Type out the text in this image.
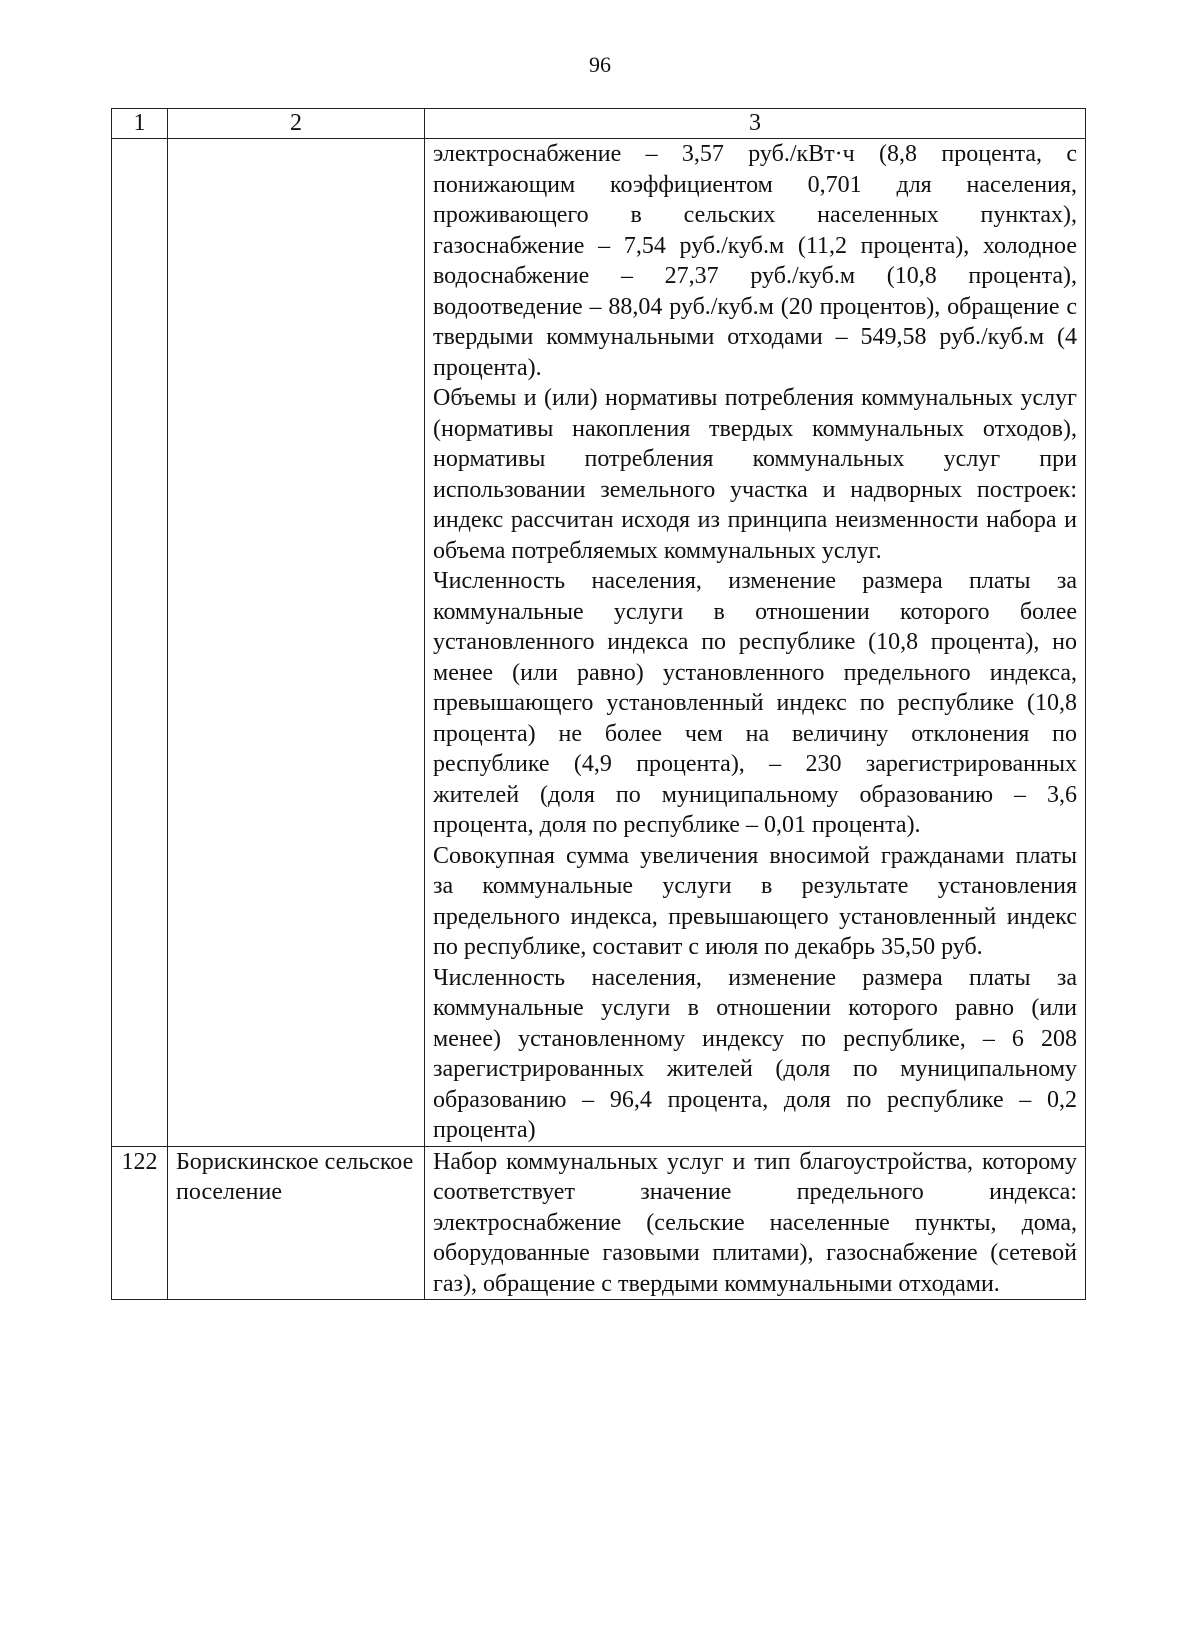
96
1	2	3

		электроснабжение – 3,57 руб./кВт·ч (8,8 процента, с понижающим коэффициентом 0,701 для населения, проживающего в сельских населенных пунктах), газоснабжение – 7,54 руб./куб.м (11,2 процента), холодное водоснабжение – 27,37 руб./куб.м (10,8 процента), водоотведение – 88,04 руб./куб.м (20 процентов), обращение с твердыми коммунальными отходами – 549,58 руб./куб.м (4 процента).

Объемы и (или) нормативы потребления коммунальных услуг (нормативы накопления твердых коммунальных отходов), нормативы потребления коммунальных услуг при использовании земельного участка и надворных построек: индекс рассчитан исходя из принципа неизменности набора и объема потребляемых коммунальных услуг.

Численность населения, изменение размера платы за коммунальные услуги в отношении которого более установленного индекса по республике (10,8 процента), но менее (или равно) установленного предельного индекса, превышающего установленный индекс по республике (10,8 процента) не более чем на величину отклонения по республике (4,9 процента), – 230 зарегистрированных жителей (доля по муниципальному образованию – 3,6 процента, доля по республике – 0,01 процента).

Совокупная сумма увеличения вносимой гражданами платы за коммунальные услуги в результате установления предельного индекса, превышающего установленный индекс по республике, составит с июля по декабрь 35,50 руб.

Численность населения, изменение размера платы за коммунальные услуги в отношении которого равно (или менее) установленному индексу по республике, – 6 208 зарегистрированных жителей (доля по муниципальному образованию – 96,4 процента, доля по республике – 0,2 процента)

122	Борискинское сельское поселение	Набор коммунальных услуг и тип благоустройства, которому соответствует значение предельного индекса: электроснабжение (сельские населенные пункты, дома, оборудованные газовыми плитами), газоснабжение (сетевой газ), обращение с твердыми коммунальными отходами.
